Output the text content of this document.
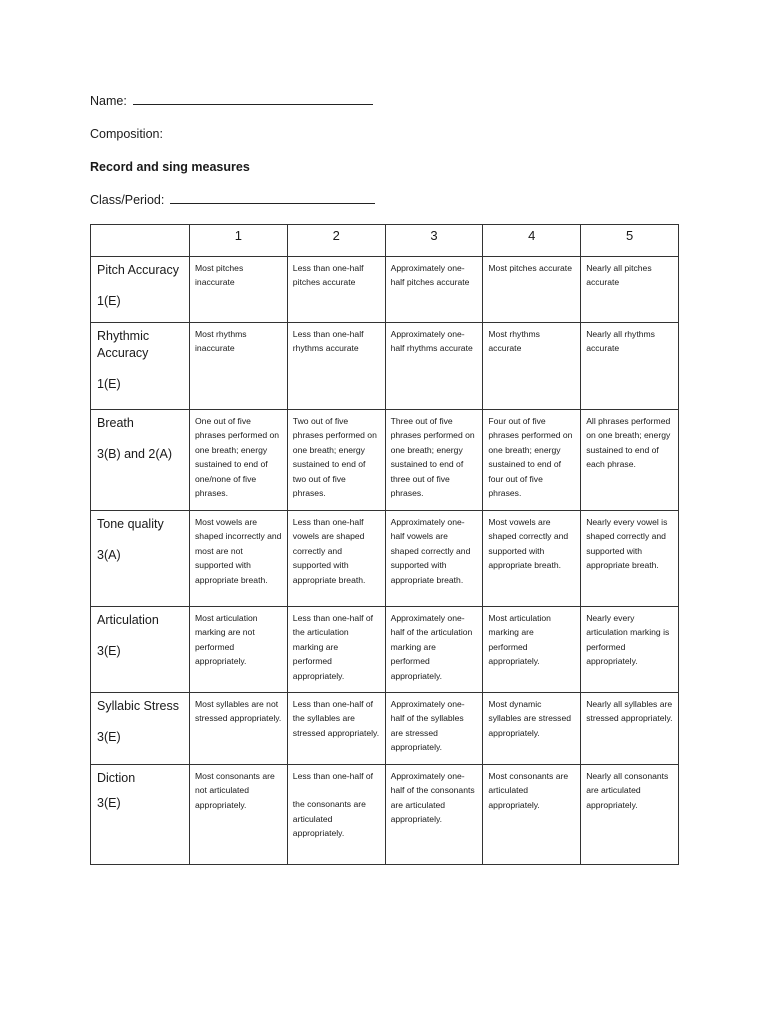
Name:
Composition:
Record and sing measures
Class/Period:
	1	2	3	4	5

Pitch Accuracy
1(E)	Most pitches inaccurate	Less than one-half pitches accurate	Approximately one-half pitches accurate	Most pitches accurate	Nearly all pitches accurate

Rhythmic Accuracy
1(E)	Most rhythms inaccurate	Less than one-half rhythms accurate	Approximately one-half rhythms accurate	Most rhythms accurate	Nearly all rhythms accurate

Breath
3(B) and 2(A)	One out of five phrases performed on one breath; energy sustained to end of one/none of five phrases.	Two out of five phrases performed on one breath; energy sustained to end of two out of five phrases.	Three out of five phrases performed on one breath; energy sustained to end of three out of five phrases.	Four out of five phrases performed on one breath; energy sustained to end of four out of five phrases.	All phrases performed on one breath; energy sustained to end of each phrase.

Tone quality
3(A)	Most vowels are shaped incorrectly and most are not supported with appropriate breath.	Less than one-half vowels are shaped correctly and supported with appropriate breath.	Approximately one-half vowels are shaped correctly and supported with appropriate breath.	Most vowels are shaped correctly and supported with appropriate breath.	Nearly every vowel is shaped correctly and supported with appropriate breath.

Articulation
3(E)	Most articulation marking are not performed appropriately.	Less than one-half of the articulation marking are performed appropriately.	Approximately one-half of the articulation marking are performed appropriately.	Most articulation marking are performed appropriately.	Nearly every articulation marking is performed appropriately.

Syllabic Stress
3(E)	Most syllables are not stressed appropriately.	Less than one-half of the syllables are stressed appropriately.	Approximately one-half of the syllables are stressed appropriately.	Most dynamic syllables are stressed appropriately.	Nearly all syllables are stressed appropriately.

Diction
3(E)	Most consonants are not articulated appropriately.	Less than one-half of
the consonants are articulated appropriately.	Approximately one-half of the consonants are articulated appropriately.	Most consonants are articulated appropriately.	Nearly all consonants are articulated appropriately.
